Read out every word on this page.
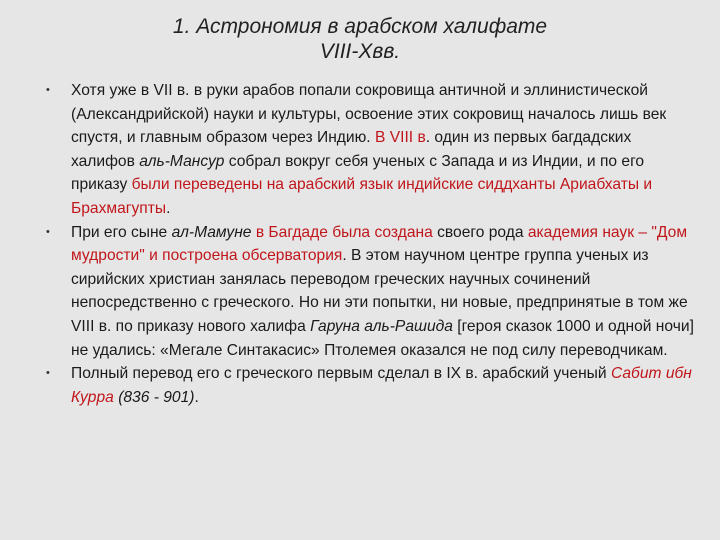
1. Астрономия в арабском халифате
VIII-Xвв.
•	Хотя уже в VII в. в руки арабов попали сокровища античной и эллинистической (Александрийской) науки и культуры, освоение этих сокровищ началось лишь век спустя, и главным образом через Индию. В VIII в. один из первых багдадских халифов аль-Мансур собрал вокруг себя ученых с Запада и из Индии, и по его приказу были переведены на арабский язык индийские сиддханты Ариабхаты и Брахмагупты.
•	При его сыне ал-Мамуне в Багдаде была создана своего рода академия наук – "Дом мудрости" и построена обсерватория. В этом научном центре группа ученых из сирийских христиан занялась переводом греческих научных сочинений непосредственно с греческого. Но ни эти попытки, ни новые, предпринятые в том же VIII в. по приказу нового халифа Гаруна аль-Рашида [героя сказок 1000 и одной ночи] не удались: «Мегале Синтакасис» Птолемея оказался не под силу переводчикам.
•	Полный перевод его с греческого первым сделал в IX в. арабский ученый Сабит ибн Курра (836 - 901).
